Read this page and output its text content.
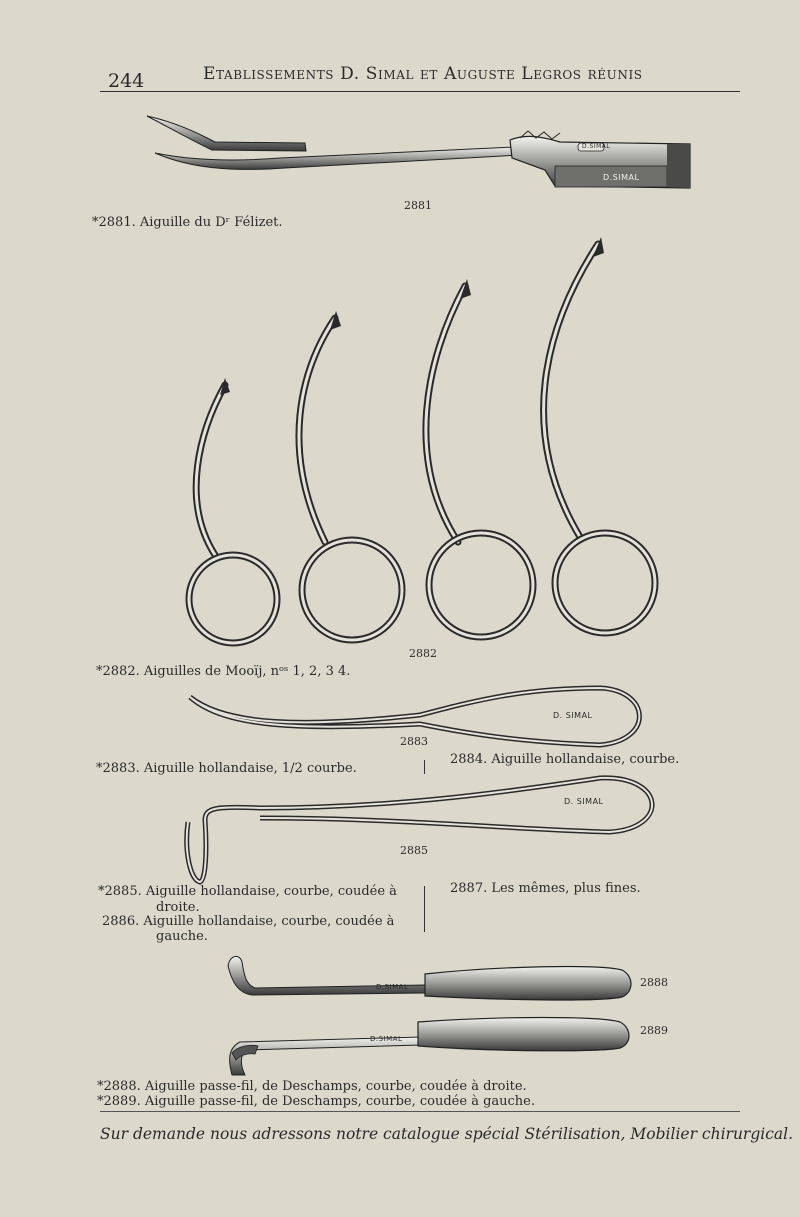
244	Etablissements D. Simal et Auguste Legros réunis
D.SIMAL
D.SIMAL
D. SIMAL
D. SIMAL
D.SIMAL
D.SIMAL
2881
2882
2883
2885
2888
2889
*2881. Aiguille du Dʳ Félizet.
*2882. Aiguilles de Mooïj, nᵒˢ 1, 2, 3 4.
*2883. Aiguille hollandaise, 1/2 courbe.
2884. Aiguille hollandaise, courbe.
*2885. Aiguille hollandaise, courbe, coudée à
droite.
2886. Aiguille hollandaise, courbe, coudée à
gauche.
2887. Les mêmes, plus fines.
*2888. Aiguille passe-fil, de Deschamps, courbe, coudée à droite.
*2889. Aiguille passe-fil, de Deschamps, courbe, coudée à gauche.
Sur demande nous adressons notre catalogue spécial Stérilisation, Mobilier chirurgical.
